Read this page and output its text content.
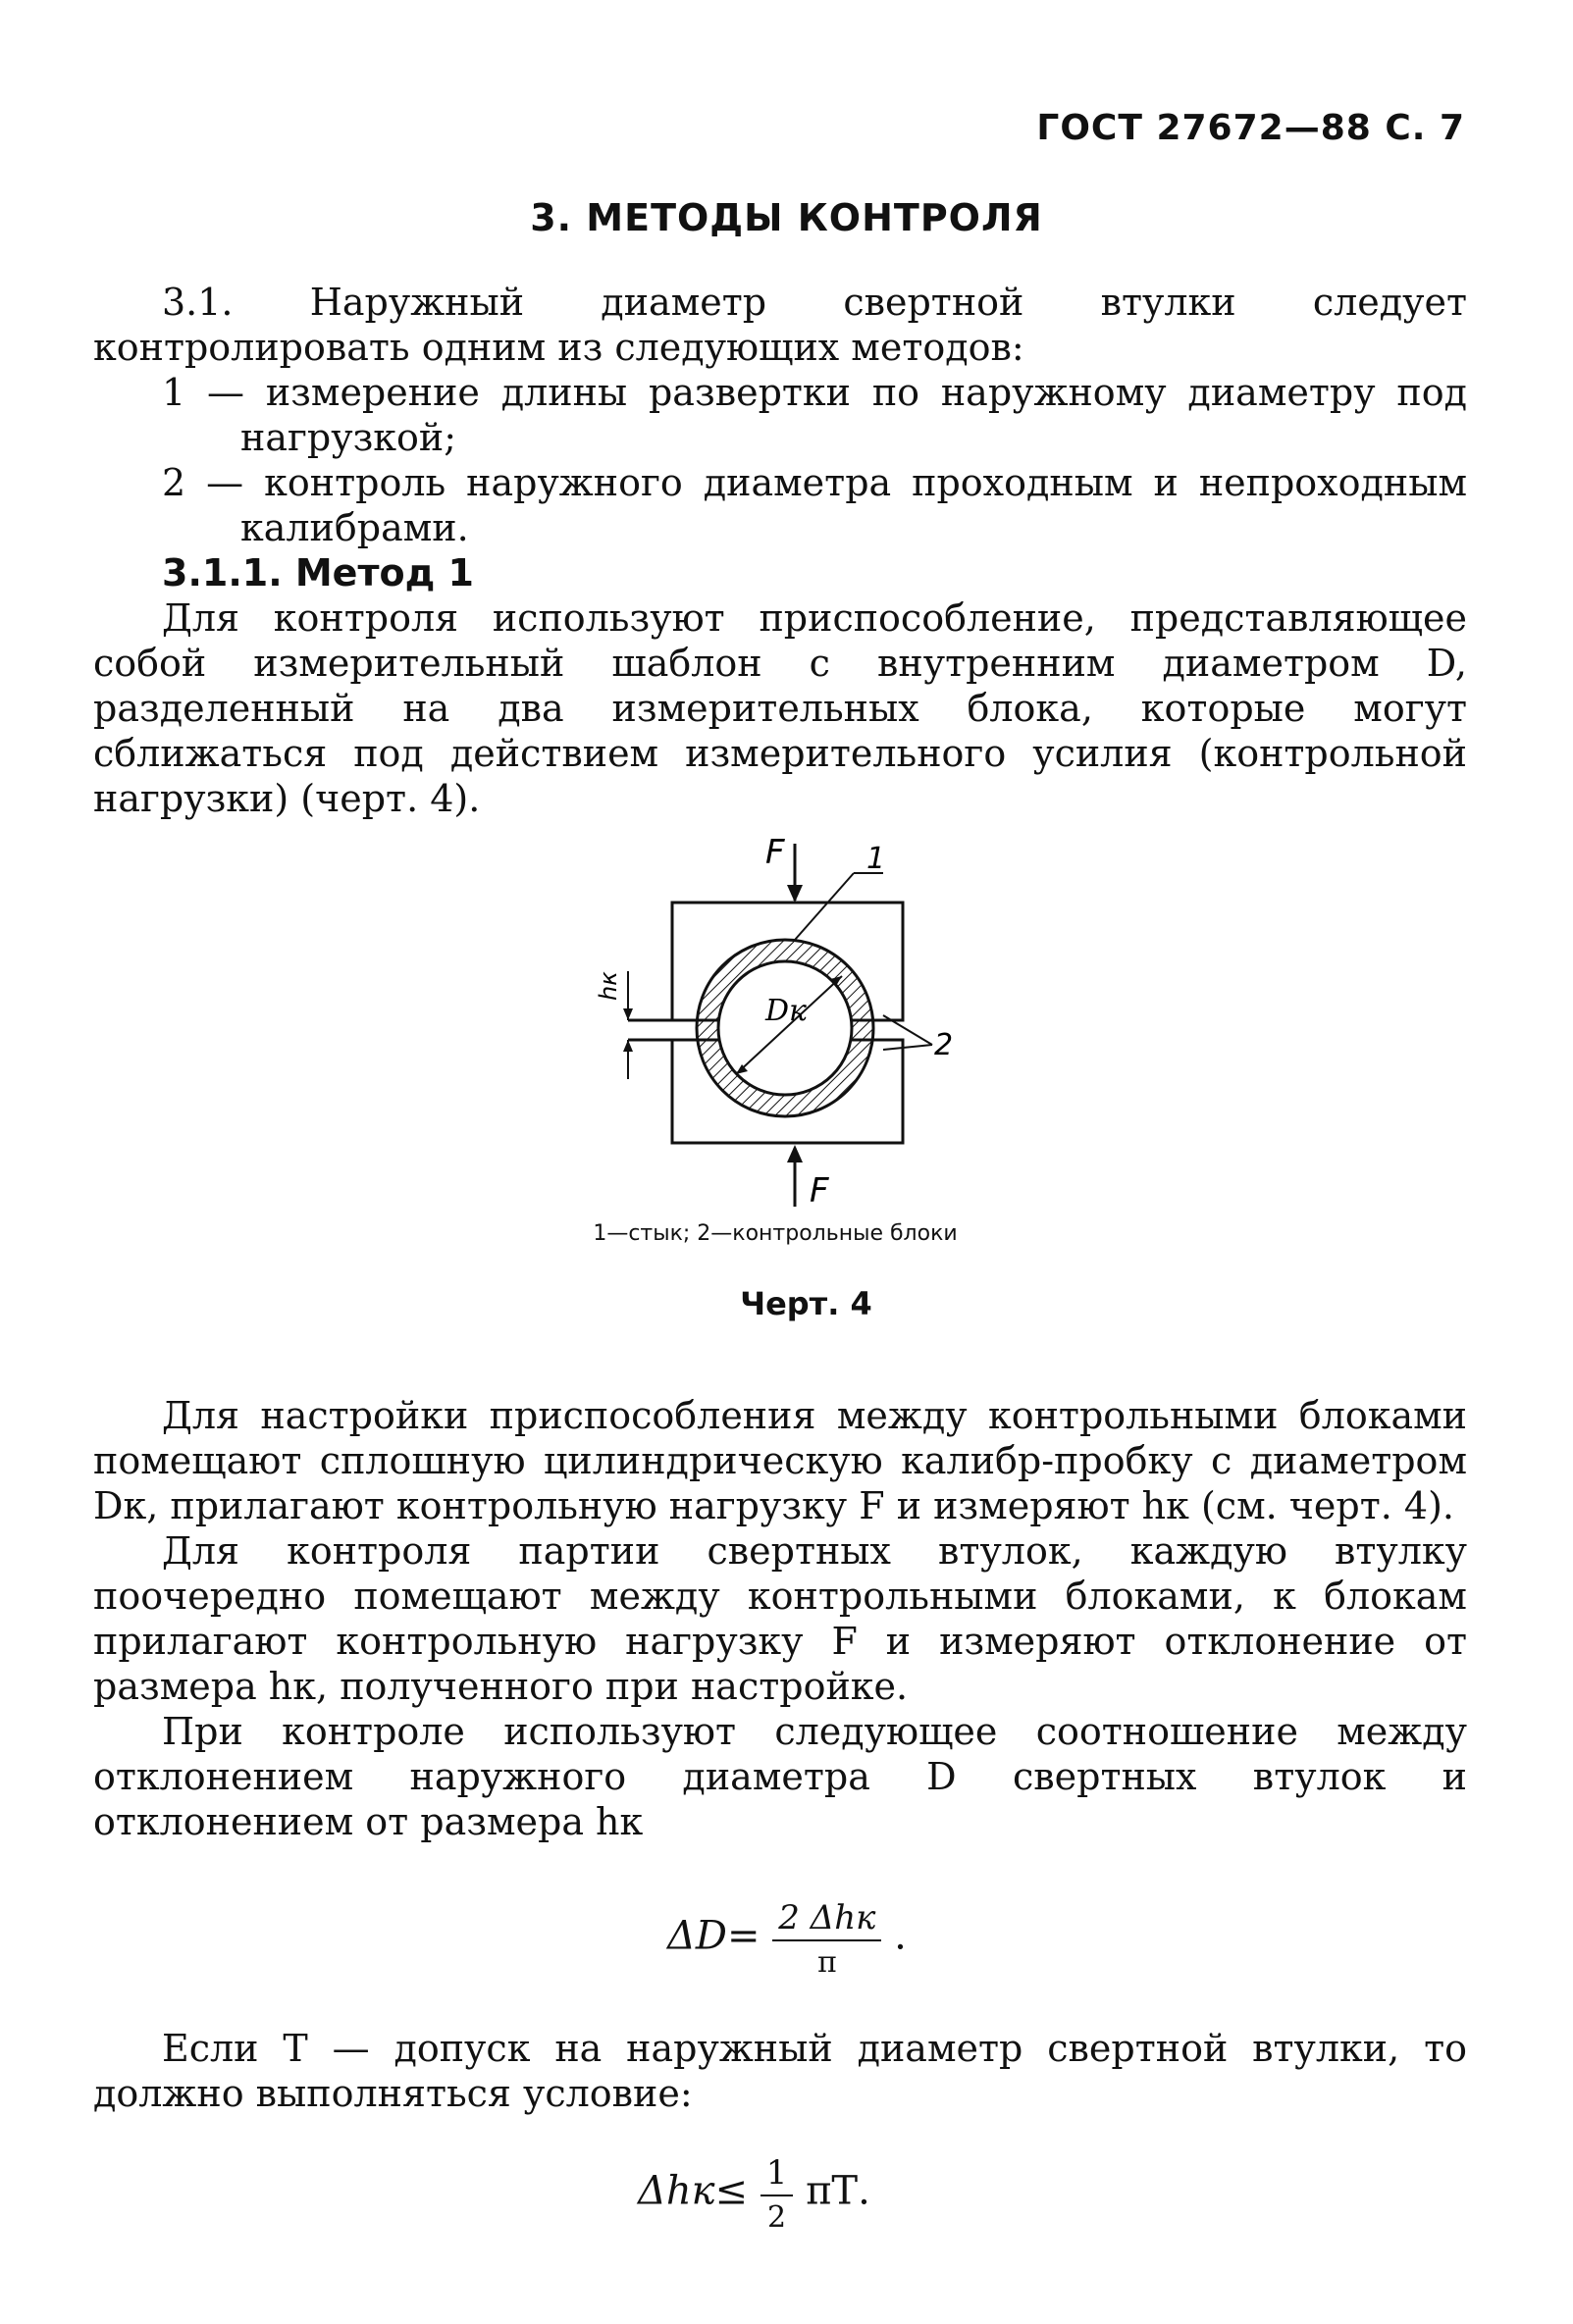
ГОСТ 27672—88 С. 7
3. МЕТОДЫ КОНТРОЛЯ
3.1. Наружный диаметр свертной втулки следует контролировать одним из следующих методов:
1 — измерение длины развертки по наружному диаметру под нагрузкой;
2 — контроль наружного диаметра проходным и непроходным калибрами.
3.1.1. Метод 1
Для контроля используют приспособление, представляющее собой измерительный шаблон с внутренним диаметром D, разделенный на два измерительных блока, которые могут сближаться под действием измерительного усилия (контрольной нагрузки) (черт. 4).
F
F
1
2
Dк
hк
1—стык; 2—контрольные блоки
Черт. 4
Для настройки приспособления между контрольными блоками помещают сплошную цилиндрическую калибр-пробку с диаметром Dк, прилагают контрольную нагрузку F и измеряют hк (см. черт. 4).
Для контроля партии свертных втулок, каждую втулку поочередно помещают между контрольными блоками, к блокам прилагают контрольную нагрузку F и измеряют отклонение от размера hк, полученного при настройке.
При контроле используют следующее соотношение между отклонением наружного диаметра D свертных втулок и отклонением от размера hк
$\Delta D= \frac{\text{2 Δhк}}{\pi}$ .
Если Т — допуск на наружный диаметр свертной втулки, то должно выполняться условие:
$\Delta hк\le \frac{1}{2} \pi Т$.
